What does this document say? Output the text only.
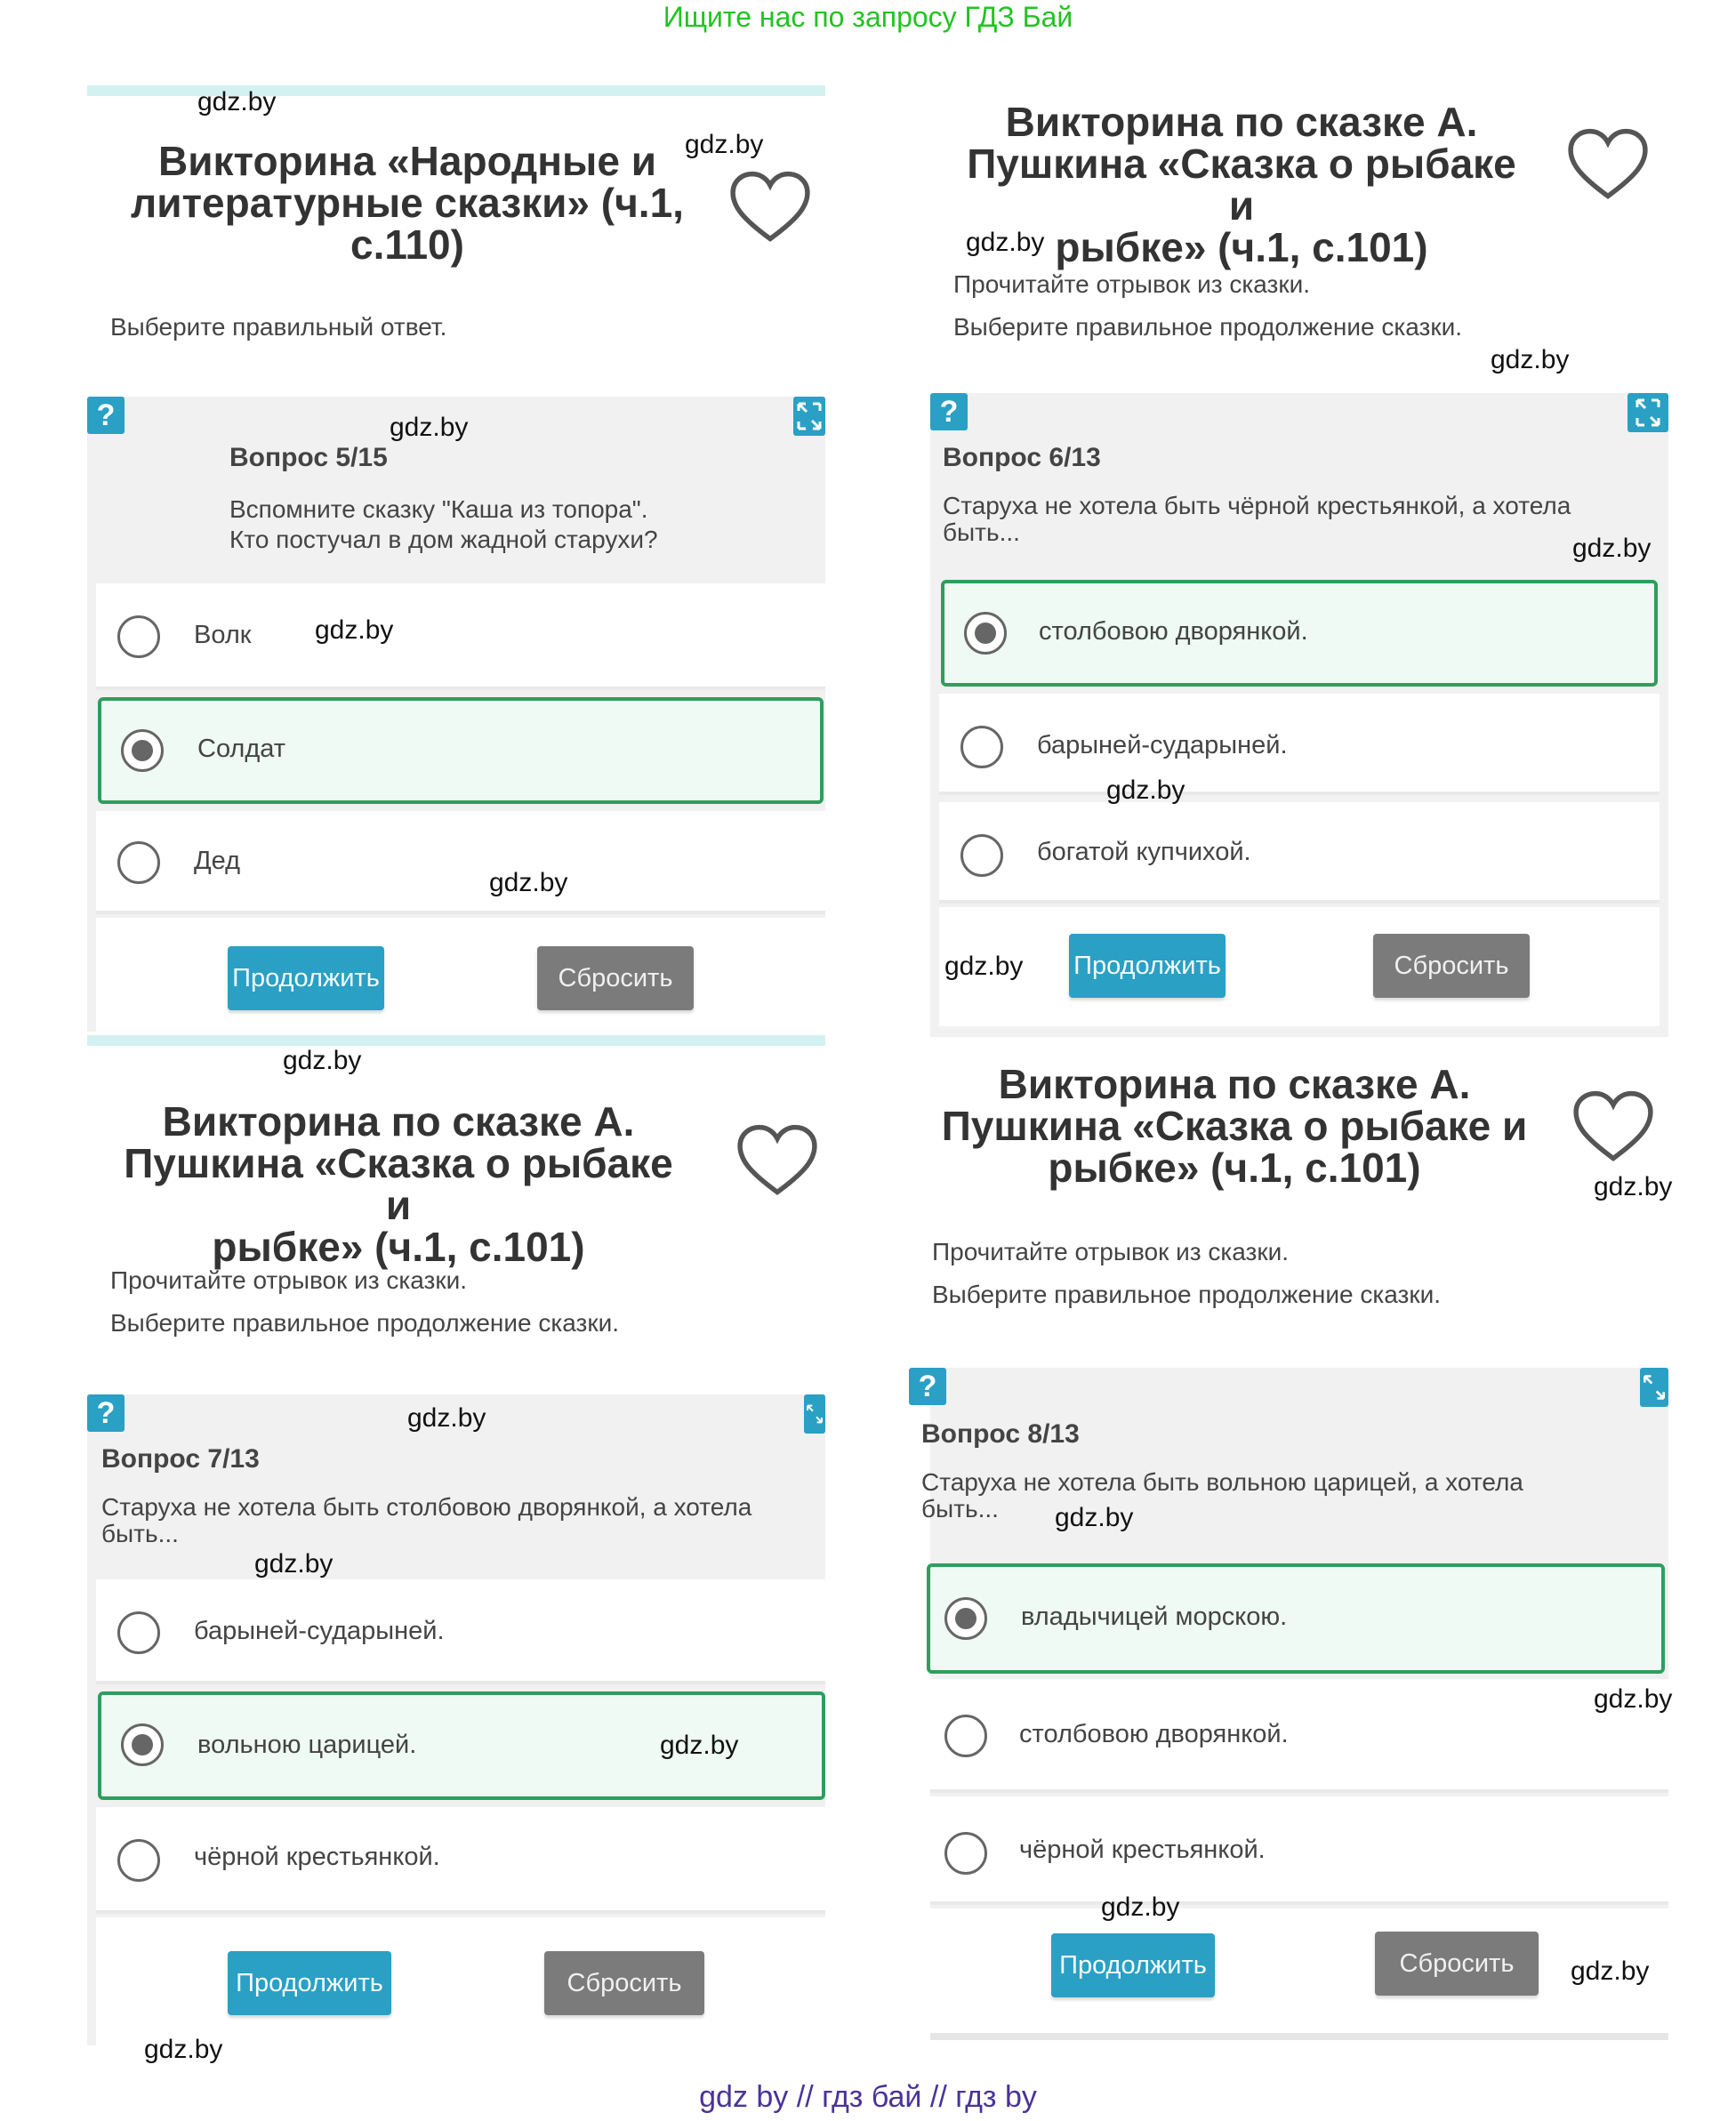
Ищите нас по запросу ГДЗ Бай
Викторина «Народные и
литературные сказки» (ч.1,
с.110)
Выберите правильный ответ.
?
Вопрос 5/15
Вспомните сказку "Каша из топора".
Кто постучал в дом жадной старухи?
Волк
Солдат
Дед
Продолжить	Сбросить
Викторина по сказке А.
Пушкина «Сказка о рыбаке и
рыбке» (ч.1, с.101)
Прочитайте отрывок из сказки.
Выберите правильное продолжение сказки.
?
Вопрос 6/13
Старуха не хотела быть чёрной крестьянкой, а хотела
быть...
столбовою дворянкой.
барыней-сударыней.
богатой купчихой.
Продолжить	Сбросить
Викторина по сказке А.
Пушкина «Сказка о рыбаке и
рыбке» (ч.1, с.101)
Прочитайте отрывок из сказки.
Выберите правильное продолжение сказки.
?
Вопрос 7/13
Старуха не хотела быть столбовою дворянкой, а хотела
быть...
барыней-сударыней.
вольною царицей.
чёрной крестьянкой.
Продолжить	Сбросить
Викторина по сказке А.
Пушкина «Сказка о рыбаке и
рыбке» (ч.1, с.101)
Прочитайте отрывок из сказки.
Выберите правильное продолжение сказки.
?
Вопрос 8/13
Старуха не хотела быть вольною царицей, а хотела
быть...
владычицей морскою.
столбовою дворянкой.
чёрной крестьянкой.
Продолжить	Сбросить
gdz.by
gdz.by
gdz.by
gdz.by
gdz.by
gdz.by
gdz.by
gdz.by
gdz.by
gdz.by
gdz.by
gdz.by
gdz.by
gdz.by
gdz.by
gdz.by
gdz.by
gdz.by
gdz.by
gdz.by
gdz by // гдз бай // гдз by
